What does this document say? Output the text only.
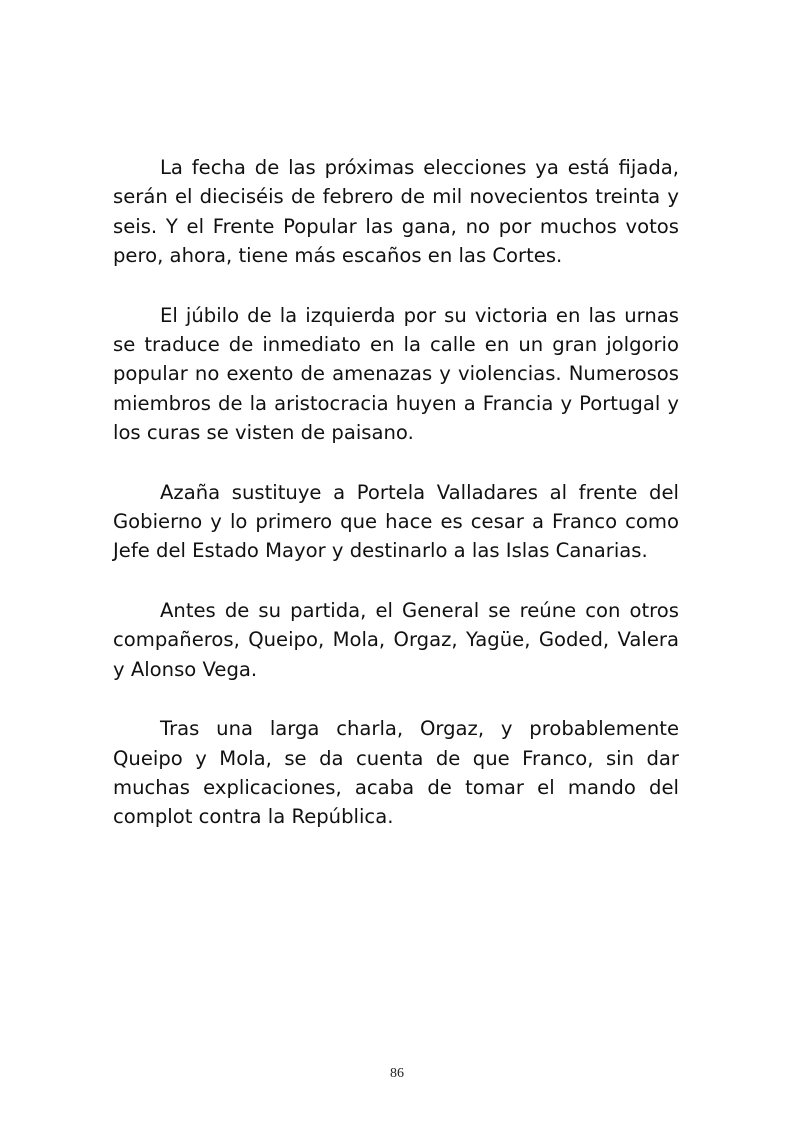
La fecha de las próximas elecciones ya está fijada, serán el dieciséis de febrero de mil novecientos treinta y seis. Y el Frente Popular las gana, no por muchos votos pero, ahora, tiene más escaños en las Cortes.

El júbilo de la izquierda por su victoria en las urnas se traduce de inmediato en la calle en un gran jolgorio popular no exento de amenazas y violencias. Numerosos miembros de la aristocracia huyen a Francia y Portugal y los curas se visten de paisano.

Azaña sustituye a Portela Valladares al frente del Gobierno y lo primero que hace es cesar a Franco como Jefe del Estado Mayor y destinarlo a las Islas Canarias.

Antes de su partida, el General se reúne con otros compañeros, Queipo, Mola, Orgaz, Yagüe, Goded, Valera y Alonso Vega.

Tras una larga charla, Orgaz, y probablemente Queipo y Mola, se da cuenta de que Franco, sin dar muchas explicaciones, acaba de tomar el mando del complot contra la República.

86
